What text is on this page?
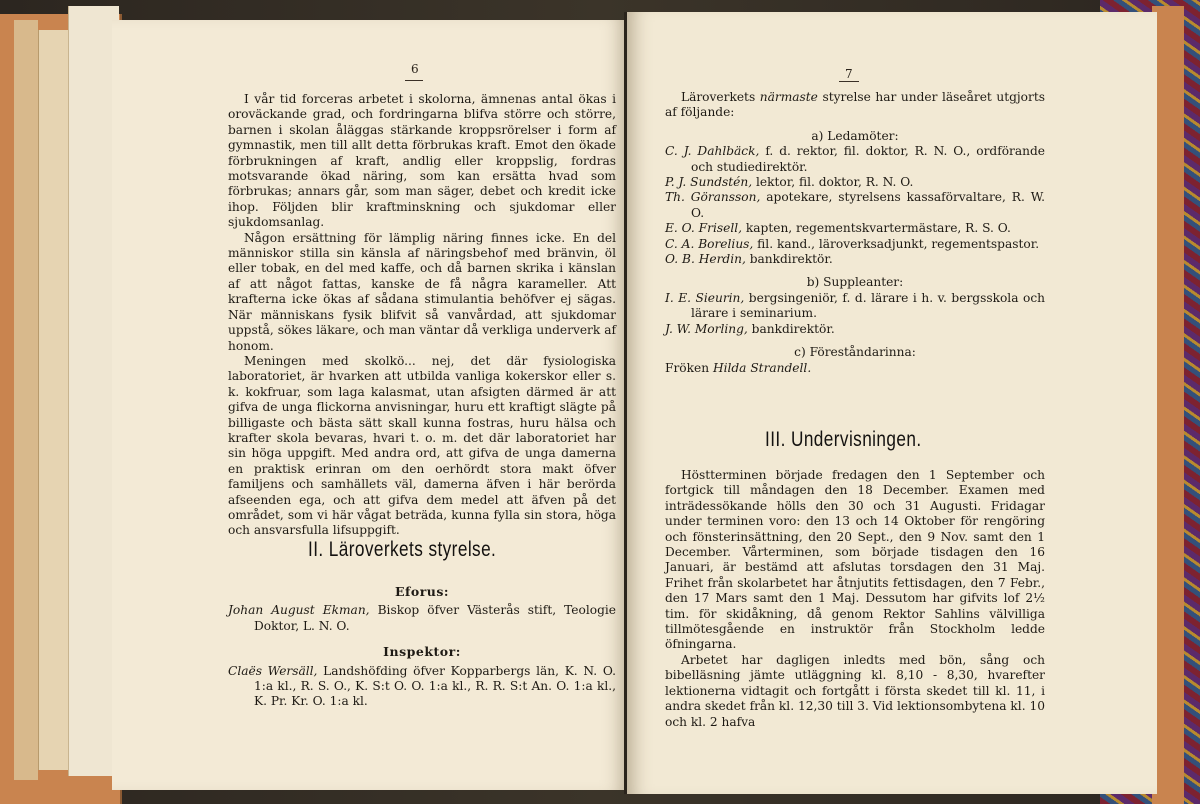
6

I vår tid forceras arbetet i skolorna, ämnenas antal ökas i oroväckande grad, och fordringarna blifva större och större, barnen i skolan åläggas stärkande kroppsrörelser i form af gymnastik, men till allt detta förbrukas kraft. Emot den ökade förbrukningen af kraft, andlig eller kroppslig, fordras motsvarande ökad näring, som kan ersätta hvad som förbrukas; annars går, som man säger, debet och kredit icke ihop. Följden blir kraftminskning och sjukdomar eller sjukdomsanlag.

Någon ersättning för lämplig näring finnes icke. En del människor stilla sin känsla af näringsbehof med bränvin, öl eller tobak, en del med kaffe, och då barnen skrika i känslan af att något fattas, kanske de få några karameller. Att krafterna icke ökas af sådana stimulantia behöfver ej sägas. När människans fysik blifvit så vanvårdad, att sjukdomar uppstå, sökes läkare, och man väntar då verkliga underverk af honom.

Meningen med skolkö... nej, det där fysiologiska laboratoriet, är hvarken att utbilda vanliga kokerskor eller s. k. kokfruar, som laga kalasmat, utan afsigten därmed är att gifva de unga flickorna anvisningar, huru ett kraftigt slägte på billigaste och bästa sätt skall kunna fostras, huru hälsa och krafter skola bevaras, hvari t. o. m. det där laboratoriet har sin höga uppgift. Med andra ord, att gifva de unga damerna en praktisk erinran om den oerhördt stora makt öfver familjens och samhällets väl, damerna äfven i här berörda afseenden ega, och att gifva dem medel att äfven på det området, som vi här vågat beträda, kunna fylla sin stora, höga och ansvarsfulla lifsuppgift.

II. Läroverkets styrelse.
Eforus:

Johan August Ekman, Biskop öfver Västerås stift, Teologie Doktor, L. N. O.

Inspektor:

Claës Wersäll, Landshöfding öfver Kopparbergs län, K. N. O. 1:a kl., R. S. O., K. S:t O. O. 1:a kl., R. R. S:t An. O. 1:a kl., K. Pr. Kr. O. 1:a kl.

7

Läroverkets närmaste styrelse har under läseåret utgjorts af följande:

a) Ledamöter:

C. J. Dahlbäck, f. d. rektor, fil. doktor, R. N. O., ordförande och studiedirektör.

P. J. Sundstén, lektor, fil. doktor, R. N. O.

Th. Göransson, apotekare, styrelsens kassaförvaltare, R. W. O.

E. O. Frisell, kapten, regementskvartermästare, R. S. O.

C. A. Borelius, fil. kand., läroverksadjunkt, regementspastor.

O. B. Herdin, bankdirektör.

b) Suppleanter:

I. E. Sieurin, bergsingeniör, f. d. lärare i h. v. bergsskola och lärare i seminarium.

J. W. Morling, bankdirektör.

c) Föreståndarinna:

Fröken Hilda Strandell.

III. Undervisningen.

Höstterminen började fredagen den 1 September och fortgick till måndagen den 18 December. Examen med inträdessökande hölls den 30 och 31 Augusti. Fridagar under terminen voro: den 13 och 14 Oktober för rengöring och fönsterinsättning, den 20 Sept., den 9 Nov. samt den 1 December. Vårterminen, som började tisdagen den 16 Januari, är bestämd att afslutas torsdagen den 31 Maj. Frihet från skolarbetet har åtnjutits fettisdagen, den 7 Febr., den 17 Mars samt den 1 Maj. Dessutom har gifvits lof 2½ tim. för skidåkning, då genom Rektor Sahlins välvilliga tillmötesgående en instruktör från Stockholm ledde öfningarna.

Arbetet har dagligen inledts med bön, sång och bibelläsning jämte utläggning kl. 8,10 - 8,30, hvarefter lektionerna vidtagit och fortgått i första skedet till kl. 11, i andra skedet från kl. 12,30 till 3. Vid lektionsombytena kl. 10 och kl. 2 hafva
